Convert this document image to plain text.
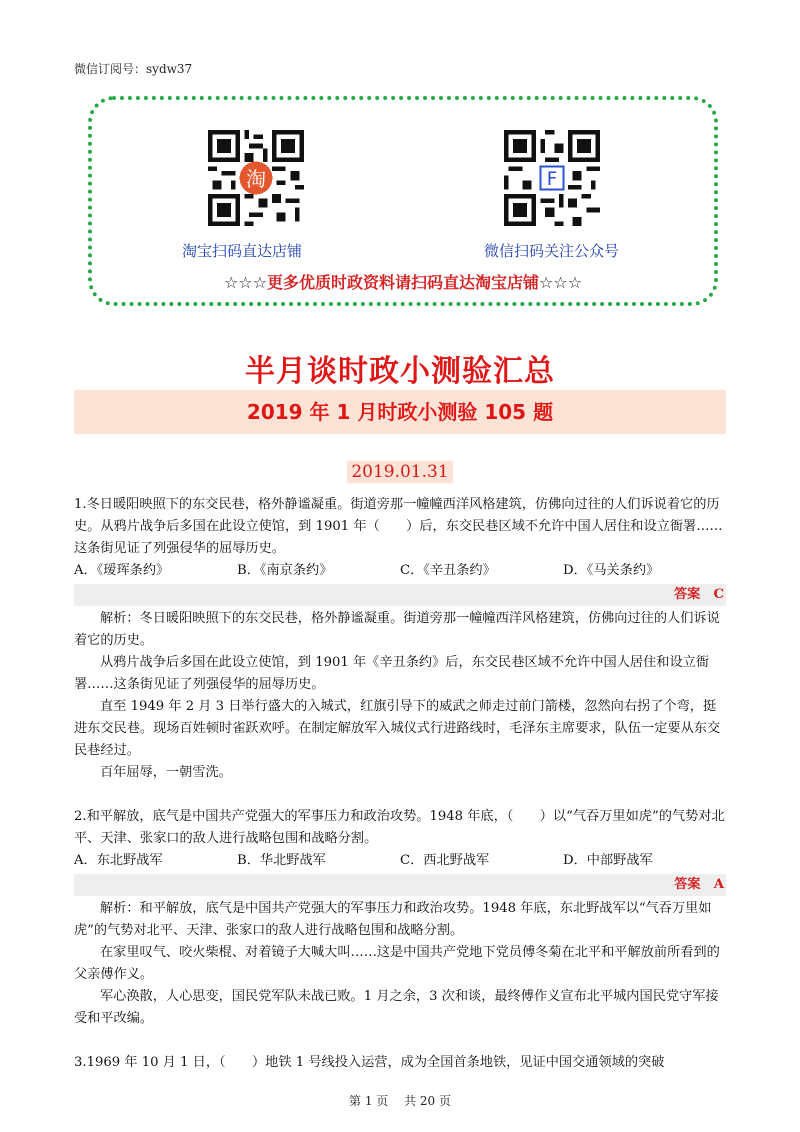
微信订阅号：sydw37
淘	F
淘宝扫码直达店铺	微信扫码关注公众号
☆☆☆更多优质时政资料请扫码直达淘宝店铺☆☆☆
半月谈时政小测验汇总
2019 年 1 月时政小测验 105 题
2019.01.31

1.冬日暖阳映照下的东交民巷，格外静谧凝重。街道旁那一幢幢西洋风格建筑，仿佛向过往的人们诉说着它的历史。从鸦片战争后多国在此设立使馆，到 1901 年（　　）后，东交民巷区域不允许中国人居住和设立衙署……这条街见证了列强侵华的屈辱历史。

A．《瑷珲条约》	B．《南京条约》	C．《辛丑条约》	D．《马关条约》
答案　C

解析：冬日暖阳映照下的东交民巷，格外静谧凝重。街道旁那一幢幢西洋风格建筑，仿佛向过往的人们诉说着它的历史。

从鸦片战争后多国在此设立使馆，到 1901 年《辛丑条约》后，东交民巷区域不允许中国人居住和设立衙署……这条街见证了列强侵华的屈辱历史。

直至 1949 年 2 月 3 日举行盛大的入城式，红旗引导下的威武之师走过前门箭楼，忽然向右拐了个弯，挺进东交民巷。现场百姓顿时雀跃欢呼。在制定解放军入城仪式行进路线时，毛泽东主席要求，队伍一定要从东交民巷经过。

百年屈辱，一朝雪洗。

2.和平解放，底气是中国共产党强大的军事压力和政治攻势。1948 年底，（　　）以“气吞万里如虎”的气势对北平、天津、张家口的敌人进行战略包围和战略分割。

A．东北野战军	B．华北野战军	C．西北野战军	D．中部野战军
答案　A

解析：和平解放，底气是中国共产党强大的军事压力和政治攻势。1948 年底，东北野战军以“气吞万里如虎”的气势对北平、天津、张家口的敌人进行战略包围和战略分割。

在家里叹气、咬火柴棍、对着镜子大喊大叫……这是中国共产党地下党员傅冬菊在北平和平解放前所看到的父亲傅作义。

军心涣散，人心思变，国民党军队未战已败。1 月之余，3 次和谈，最终傅作义宣布北平城内国民党守军接受和平改编。

3.1969 年 10 月 1 日，（　　）地铁 1 号线投入运营，成为全国首条地铁，见证中国交通领域的突破

第 1 页　 共 20 页
